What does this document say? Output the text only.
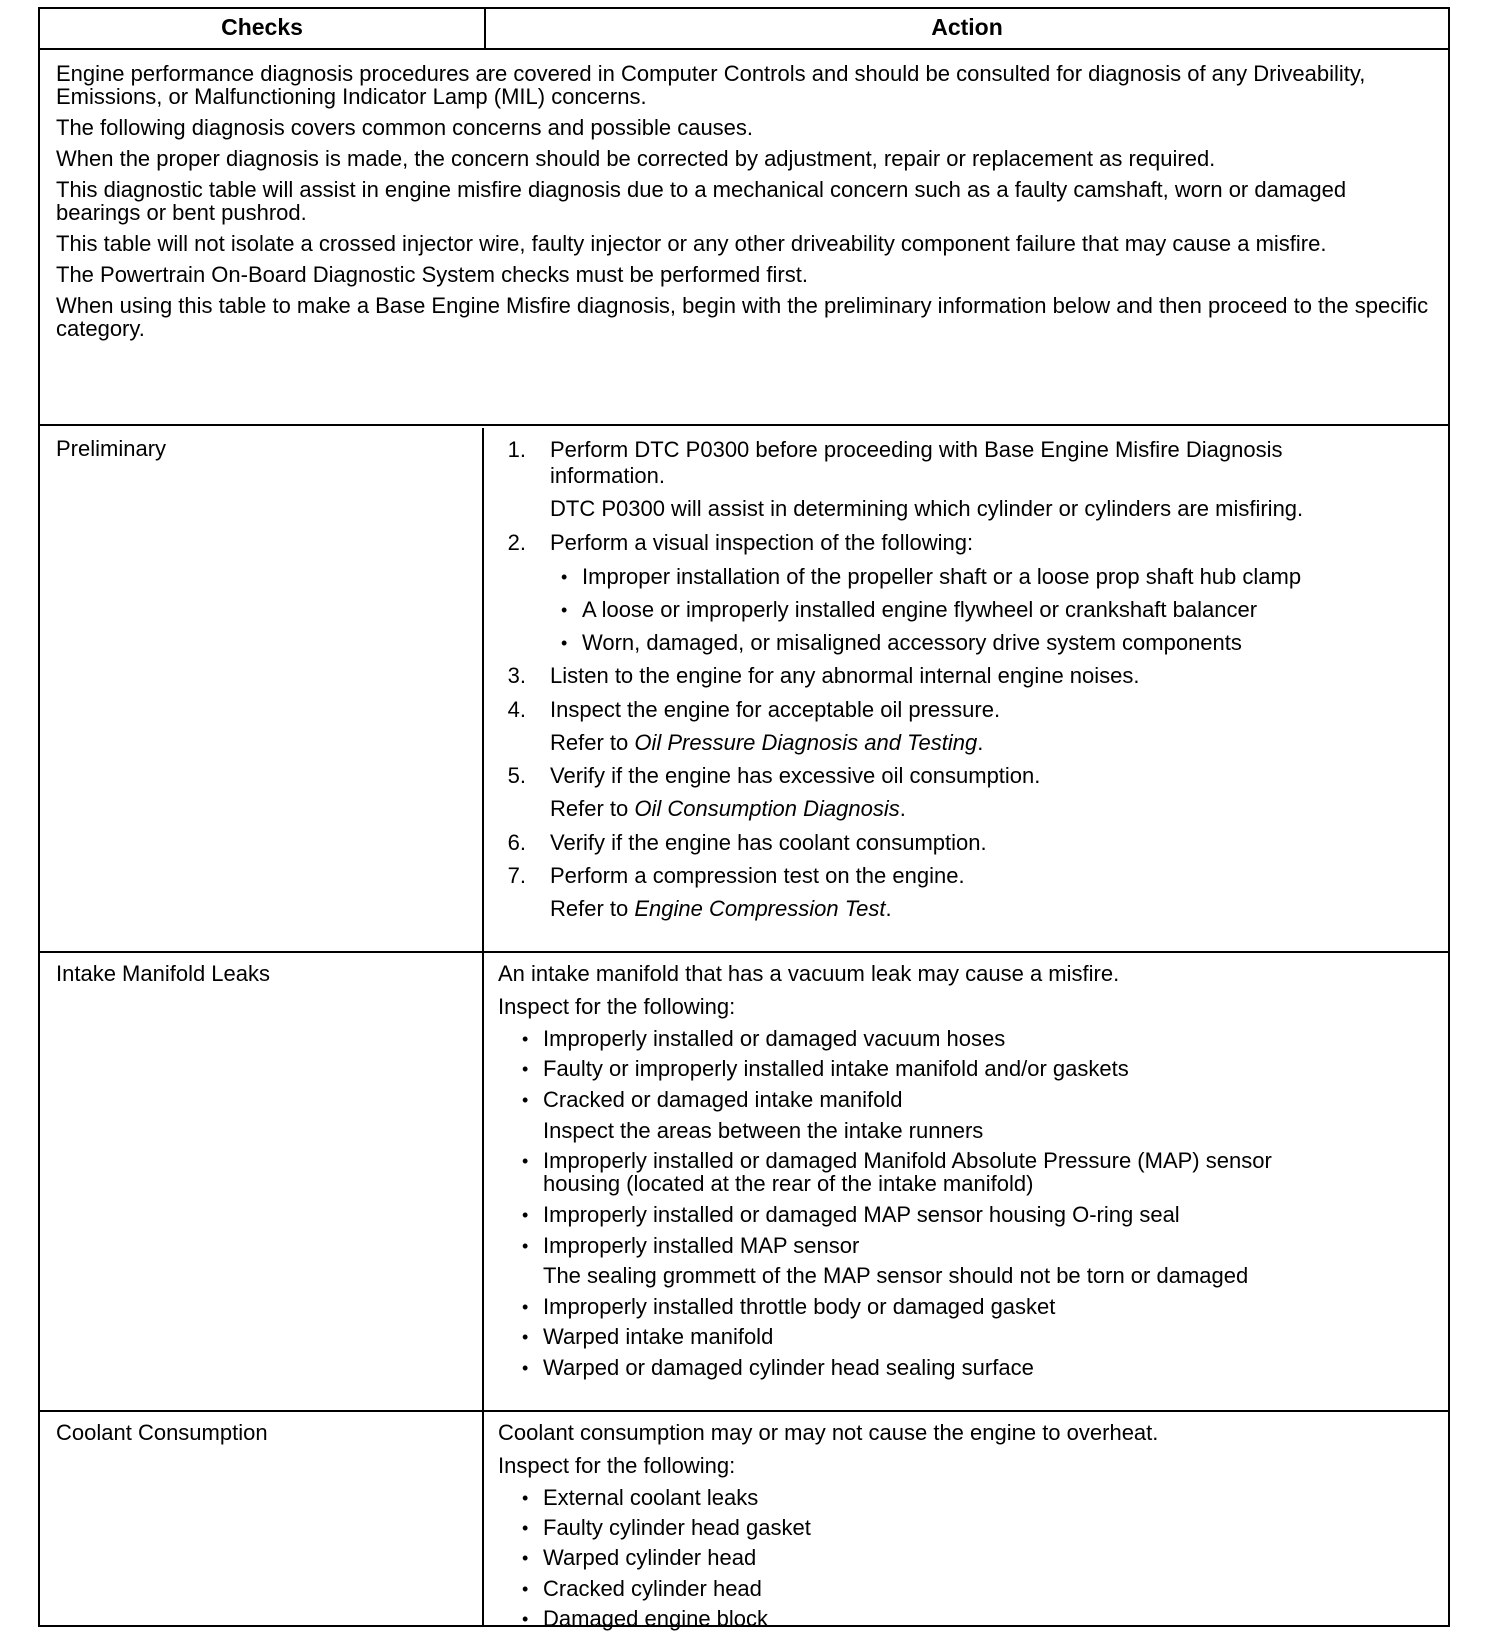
Checks	Action

Engine performance diagnosis procedures are covered in Computer Controls and should be consulted for diagnosis of any Driveability, Emissions, or Malfunctioning Indicator Lamp (MIL) concerns.

The following diagnosis covers common concerns and possible causes.

When the proper diagnosis is made, the concern should be corrected by adjustment, repair or replacement as required.

This diagnostic table will assist in engine misfire diagnosis due to a mechanical concern such as a faulty camshaft, worn or damaged bearings or bent pushrod.

This table will not isolate a crossed injector wire, faulty injector or any other driveability component failure that may cause a misfire.

The Powertrain On-Board Diagnostic System checks must be performed first.

When using this table to make a Base Engine Misfire diagnosis, begin with the preliminary information below and then proceed to the specific category.

Preliminary	1. Perform DTC P0300 before proceeding with Base Engine Misfire Diagnosis
information.
DTC P0300 will assist in determining which cylinder or cylinders are misfiring.
2. Perform a visual inspection of the following:
• Improper installation of the propeller shaft or a loose prop shaft hub clamp
• A loose or improperly installed engine flywheel or crankshaft balancer
• Worn, damaged, or misaligned accessory drive system components
3. Listen to the engine for any abnormal internal engine noises.
4. Inspect the engine for acceptable oil pressure.
Refer to Oil Pressure Diagnosis and Testing.
5. Verify if the engine has excessive oil consumption.
Refer to Oil Consumption Diagnosis.
6. Verify if the engine has coolant consumption.
7. Perform a compression test on the engine.
Refer to Engine Compression Test.
Intake Manifold Leaks	An intake manifold that has a vacuum leak may cause a misfire.
Inspect for the following:
• Improperly installed or damaged vacuum hoses
• Faulty or improperly installed intake manifold and/or gaskets
• Cracked or damaged intake manifold
Inspect the areas between the intake runners
• Improperly installed or damaged Manifold Absolute Pressure (MAP) sensor
housing (located at the rear of the intake manifold)
• Improperly installed or damaged MAP sensor housing O-ring seal
• Improperly installed MAP sensor
The sealing grommett of the MAP sensor should not be torn or damaged
• Improperly installed throttle body or damaged gasket
• Warped intake manifold
• Warped or damaged cylinder head sealing surface
Coolant Consumption	Coolant consumption may or may not cause the engine to overheat.
Inspect for the following:
• External coolant leaks
• Faulty cylinder head gasket
• Warped cylinder head
• Cracked cylinder head
• Damaged engine block
